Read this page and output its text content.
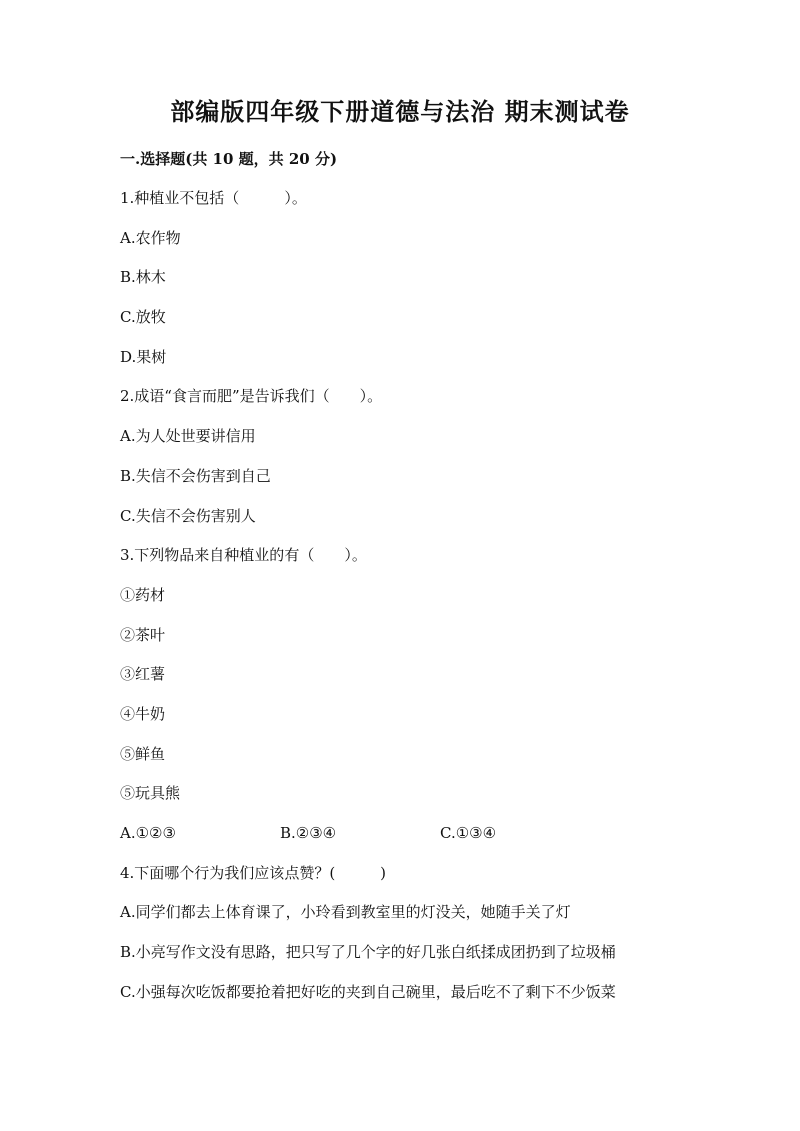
部编版四年级下册道德与法治 期末测试卷
一.选择题(共 10 题，共 20 分)
1.种植业不包括（　　　）。
A.农作物
B.林木
C.放牧
D.果树
2.成语“食言而肥”是告诉我们（　　）。
A.为人处世要讲信用
B.失信不会伤害到自己
C.失信不会伤害别人
3.下列物品来自种植业的有（　　）。
①药材
②茶叶
③红薯
④牛奶
⑤鲜鱼
⑤玩具熊
A.①②③	B.②③④	C.①③④
4.下面哪个行为我们应该点赞？(　　　)
A.同学们都去上体育课了，小玲看到教室里的灯没关，她随手关了灯
B.小亮写作文没有思路，把只写了几个字的好几张白纸揉成团扔到了垃圾桶
C.小强每次吃饭都要抢着把好吃的夹到自己碗里，最后吃不了剩下不少饭菜
